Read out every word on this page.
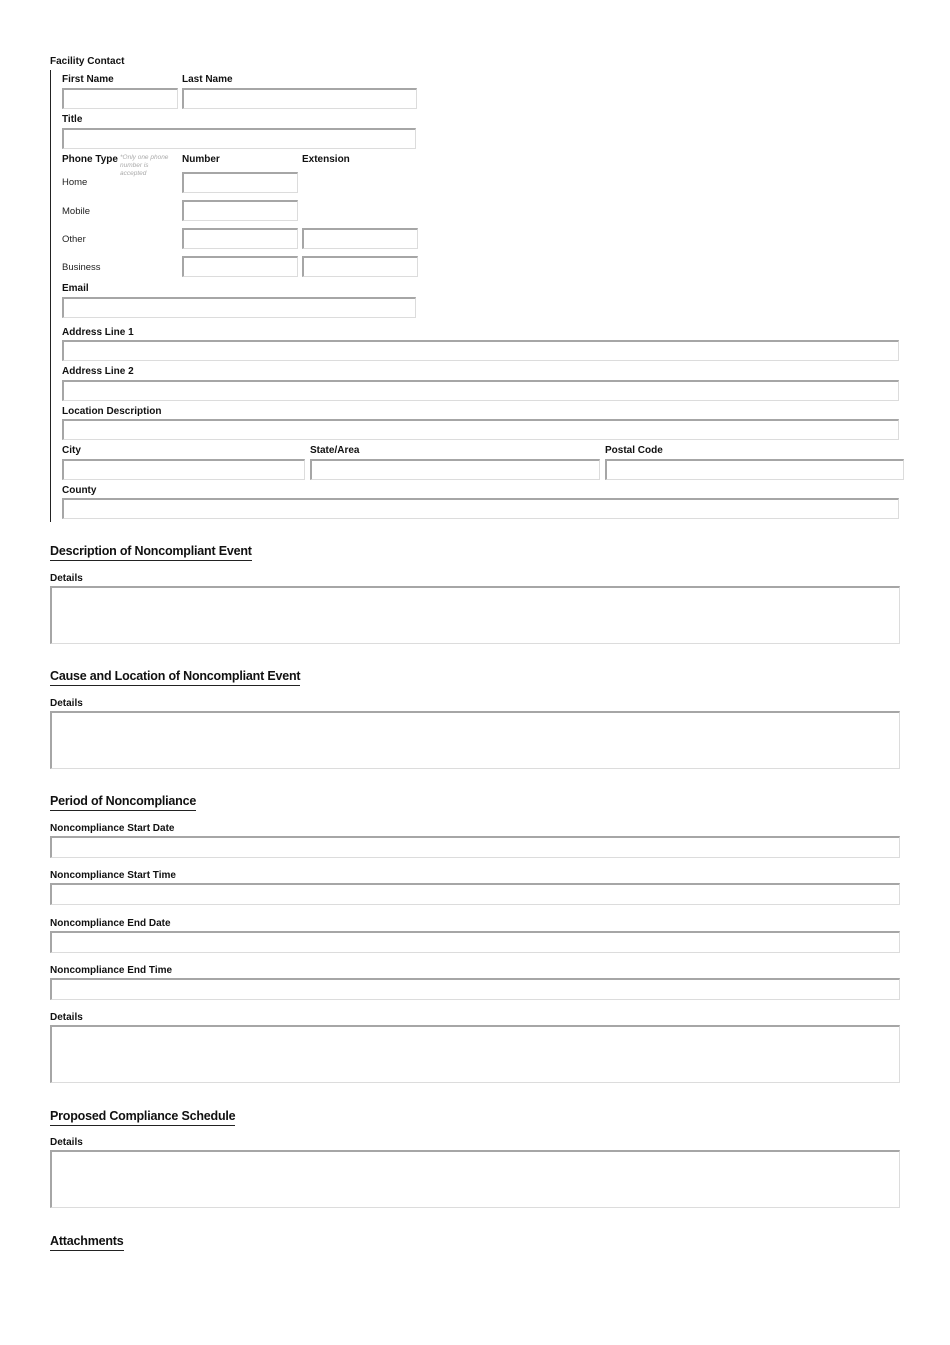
Facility Contact
First Name	Last Name
Title
Phone Type *Only one phone number is accepted
Number	Extension
Home
Mobile
Other
Business
Email
Address Line 1
Address Line 2
Location Description
City	State/Area	Postal Code
County
Description of Noncompliant Event
Details
Cause and Location of Noncompliant Event
Details
Period of Noncompliance
Noncompliance Start Date
Noncompliance Start Time
Noncompliance End Date
Noncompliance End Time
Details
Proposed Compliance Schedule
Details
Attachments
